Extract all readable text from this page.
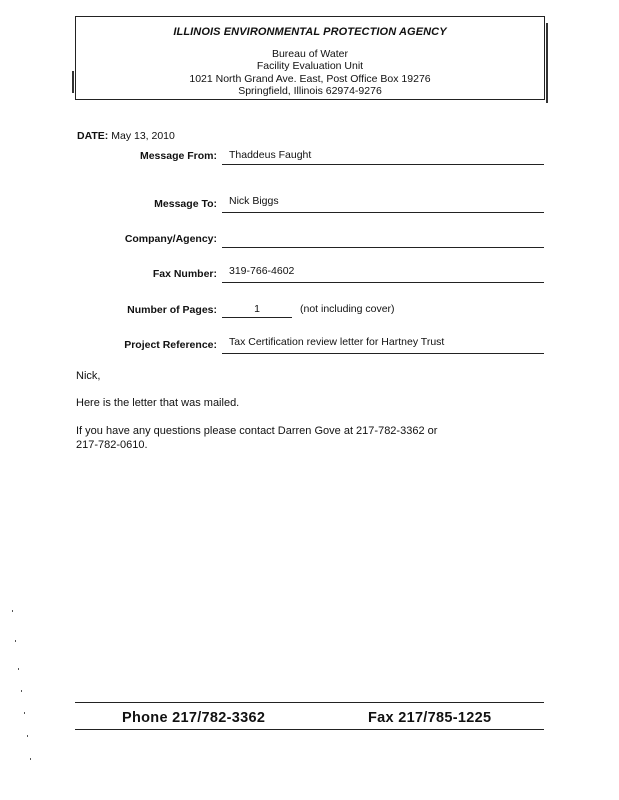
ILLINOIS ENVIRONMENTAL PROTECTION AGENCY
Bureau of Water
Facility Evaluation Unit
1021 North Grand Ave. East, Post Office Box 19276
Springfield, Illinois 62974-9276
DATE: May 13, 2010
Message From: Thaddeus Faught
Message To: Nick Biggs
Company/Agency:
Fax Number: 319-766-4602
Number of Pages:	1	(not including cover)
Project Reference: Tax Certification review letter for Hartney Trust
Nick,
Here is the letter that was mailed.
If you have any questions please contact Darren Gove at 217-782-3362 or
217-782-0610.
Phone 217/782-3362	Fax 217/785-1225
